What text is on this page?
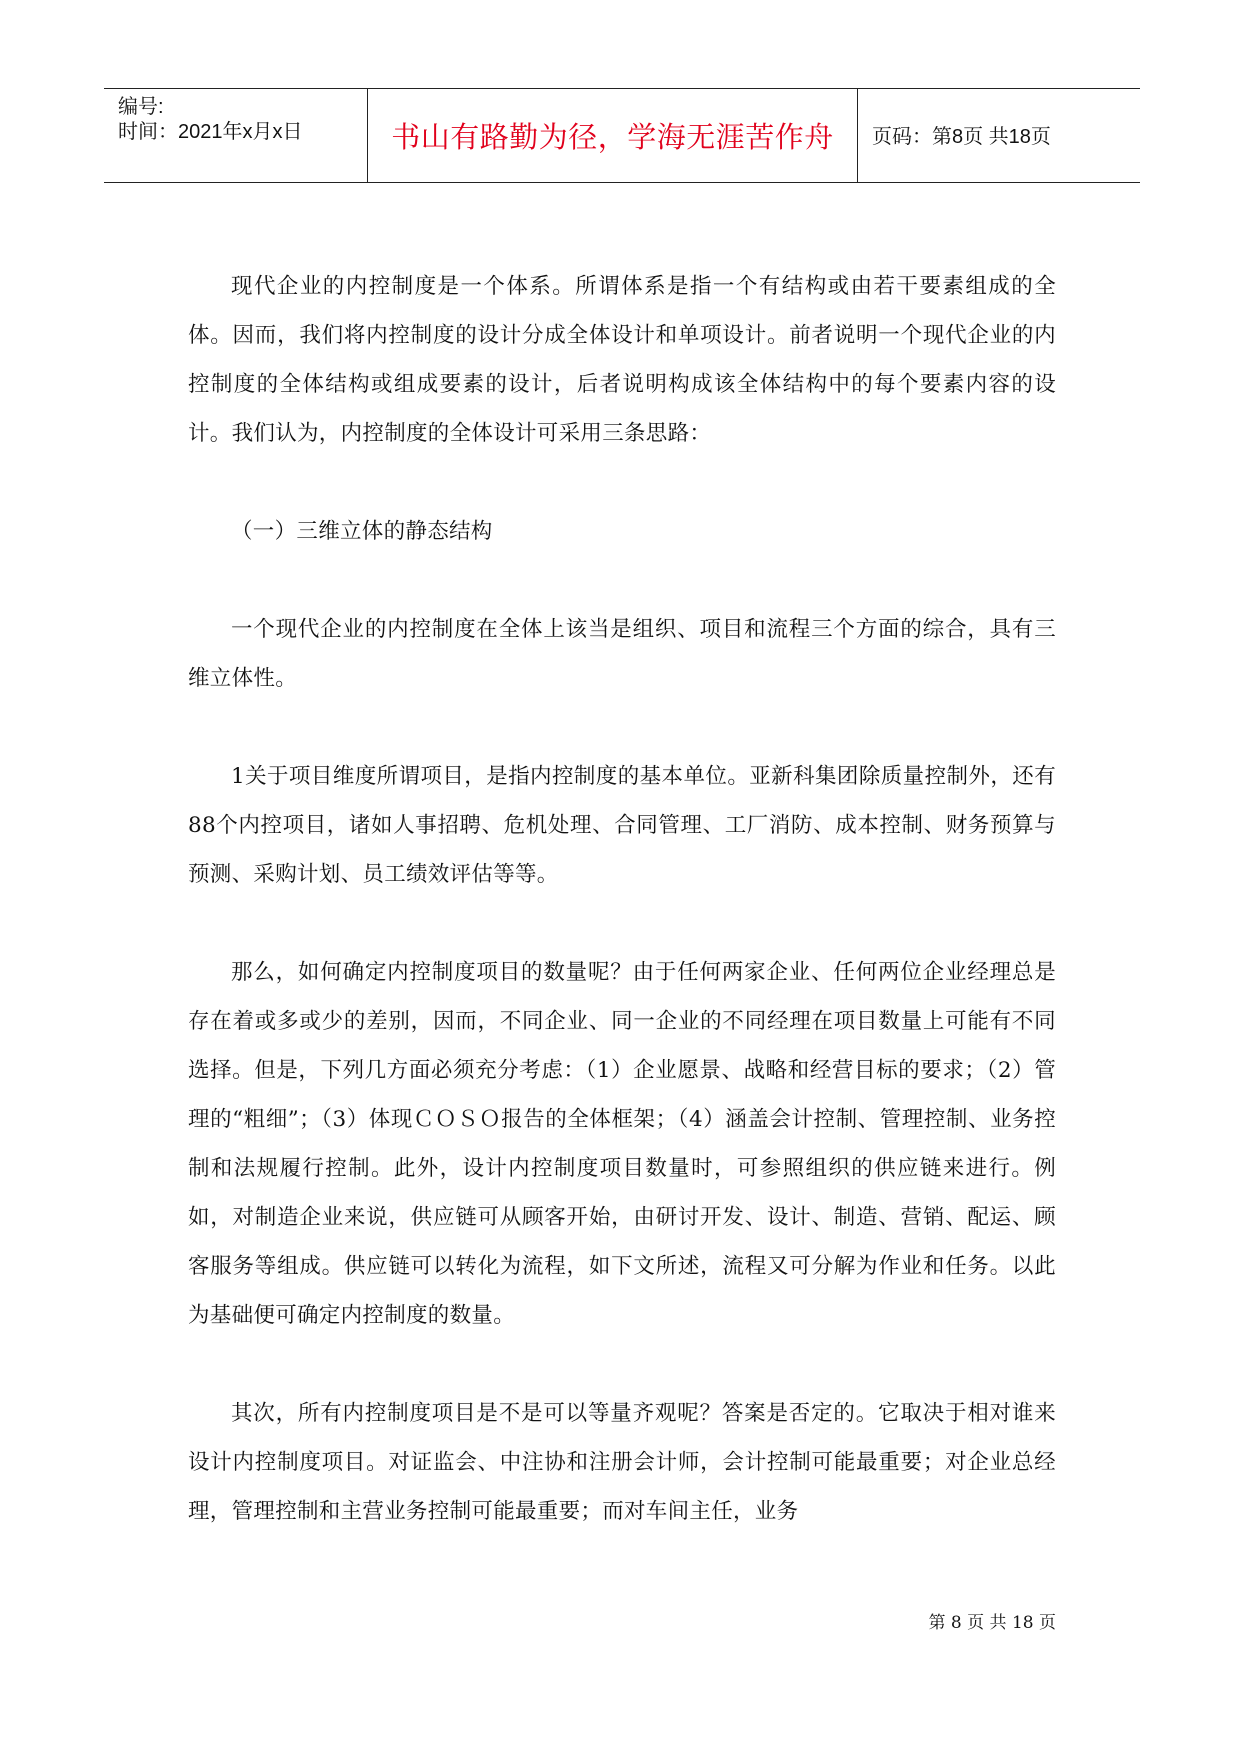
编号:
时间：2021年x月x日	书山有路勤为径，学海无涯苦作舟	页码：第8页 共18页

现代企业的内控制度是一个体系。所谓体系是指一个有结构或由若干要素组成的全体。因而，我们将内控制度的设计分成全体设计和单项设计。前者说明一个现代企业的内控制度的全体结构或组成要素的设计，后者说明构成该全体结构中的每个要素内容的设计。我们认为，内控制度的全体设计可采用三条思路：

（一）三维立体的静态结构

一个现代企业的内控制度在全体上该当是组织、项目和流程三个方面的综合，具有三维立体性。

1关于项目维度所谓项目，是指内控制度的基本单位。亚新科集团除质量控制外，还有88个内控项目，诸如人事招聘、危机处理、合同管理、工厂消防、成本控制、财务预算与预测、采购计划、员工绩效评估等等。

那么，如何确定内控制度项目的数量呢？由于任何两家企业、任何两位企业经理总是存在着或多或少的差别，因而，不同企业、同一企业的不同经理在项目数量上可能有不同选择。但是，下列几方面必须充分考虑：（1）企业愿景、战略和经营目标的要求；（2）管理的“粗细”；（3）体现ＣＯＳＯ报告的全体框架；（4）涵盖会计控制、管理控制、业务控制和法规履行控制。此外，设计内控制度项目数量时，可参照组织的供应链来进行。例如，对制造企业来说，供应链可从顾客开始，由研讨开发、设计、制造、营销、配运、顾客服务等组成。供应链可以转化为流程，如下文所述，流程又可分解为作业和任务。以此为基础便可确定内控制度的数量。

其次，所有内控制度项目是不是可以等量齐观呢？答案是否定的。它取决于相对谁来设计内控制度项目。对证监会、中注协和注册会计师，会计控制可能最重要；对企业总经理，管理控制和主营业务控制可能最重要；而对车间主任，业务

第 8 页 共 18 页
